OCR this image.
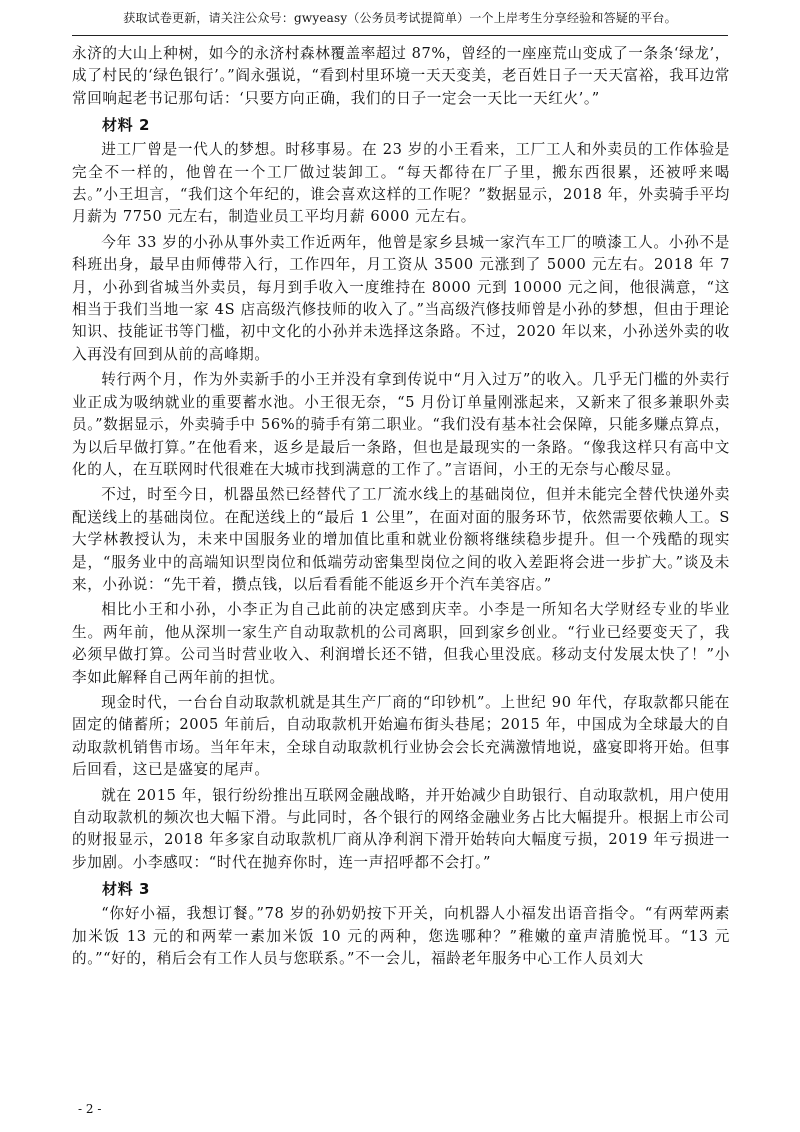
获取试卷更新，请关注公众号：gwyeasy（公务员考试提简单）一个上岸考生分享经验和答疑的平台。

永济的大山上种树，如今的永济村森林覆盖率超过 87%，曾经的一座座荒山变成了一条条‘绿龙’，成了村民的‘绿色银行’。”阎永强说，“看到村里环境一天天变美，老百姓日子一天天富裕，我耳边常常回响起老书记那句话：‘只要方向正确，我们的日子一定会一天比一天红火’。”

材料 2

进工厂曾是一代人的梦想。时移事易。在 23 岁的小王看来，工厂工人和外卖员的工作体验是完全不一样的，他曾在一个工厂做过装卸工。“每天都待在厂子里，搬东西很累，还被呼来喝去。”小王坦言，“我们这个年纪的，谁会喜欢这样的工作呢？”数据显示，2018 年，外卖骑手平均月薪为 7750 元左右，制造业员工平均月薪 6000 元左右。

今年 33 岁的小孙从事外卖工作近两年，他曾是家乡县城一家汽车工厂的喷漆工人。小孙不是科班出身，最早由师傅带入行，工作四年，月工资从 3500 元涨到了 5000 元左右。2018 年 7 月，小孙到省城当外卖员，每月到手收入一度维持在 8000 元到 10000 元之间，他很满意，“这相当于我们当地一家 4S 店高级汽修技师的收入了。”当高级汽修技师曾是小孙的梦想，但由于理论知识、技能证书等门槛，初中文化的小孙并未选择这条路。不过，2020 年以来，小孙送外卖的收入再没有回到从前的高峰期。

转行两个月，作为外卖新手的小王并没有拿到传说中“月入过万”的收入。几乎无门槛的外卖行业正成为吸纳就业的重要蓄水池。小王很无奈，“5 月份订单量刚涨起来，又新来了很多兼职外卖员。”数据显示，外卖骑手中 56%的骑手有第二职业。“我们没有基本社会保障，只能多赚点算点，为以后早做打算。”在他看来，返乡是最后一条路，但也是最现实的一条路。“像我这样只有高中文化的人，在互联网时代很难在大城市找到满意的工作了。”言语间，小王的无奈与心酸尽显。

不过，时至今日，机器虽然已经替代了工厂流水线上的基础岗位，但并未能完全替代快递外卖配送线上的基础岗位。在配送线上的“最后 1 公里”，在面对面的服务环节，依然需要依赖人工。S 大学林教授认为，未来中国服务业的增加值比重和就业份额将继续稳步提升。但一个残酷的现实是，“服务业中的高端知识型岗位和低端劳动密集型岗位之间的收入差距将会进一步扩大。”谈及未来，小孙说：“先干着，攒点钱，以后看看能不能返乡开个汽车美容店。”

相比小王和小孙，小李正为自己此前的决定感到庆幸。小李是一所知名大学财经专业的毕业生。两年前，他从深圳一家生产自动取款机的公司离职，回到家乡创业。“行业已经要变天了，我必须早做打算。公司当时营业收入、利润增长还不错，但我心里没底。移动支付发展太快了！”小李如此解释自己两年前的担忧。

现金时代，一台台自动取款机就是其生产厂商的“印钞机”。上世纪 90 年代，存取款都只能在固定的储蓄所；2005 年前后，自动取款机开始遍布街头巷尾；2015 年，中国成为全球最大的自动取款机销售市场。当年年末，全球自动取款机行业协会会长充满激情地说，盛宴即将开始。但事后回看，这已是盛宴的尾声。

就在 2015 年，银行纷纷推出互联网金融战略，并开始减少自助银行、自动取款机，用户使用自动取款机的频次也大幅下滑。与此同时，各个银行的网络金融业务占比大幅提升。根据上市公司的财报显示，2018 年多家自动取款机厂商从净利润下滑开始转向大幅度亏损，2019 年亏损进一步加剧。小李感叹：“时代在抛弃你时，连一声招呼都不会打。”

材料 3

“你好小福，我想订餐。”78 岁的孙奶奶按下开关，向机器人小福发出语音指令。“有两荤两素加米饭 13 元的和两荤一素加米饭 10 元的两种，您选哪种？”稚嫩的童声清脆悦耳。“13 元的。”“好的，稍后会有工作人员与您联系。”不一会儿，福龄老年服务中心工作人员刘大

- 2 -
